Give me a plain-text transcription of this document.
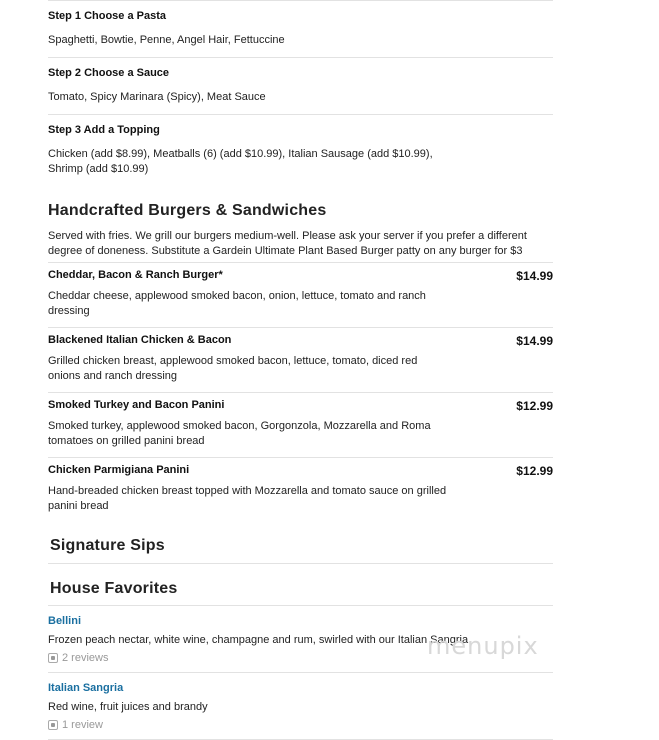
Step 1 Choose a Pasta
Spaghetti, Bowtie, Penne, Angel Hair, Fettuccine
Step 2 Choose a Sauce
Tomato, Spicy Marinara (Spicy), Meat Sauce
Step 3 Add a Topping
Chicken (add $8.99), Meatballs (6) (add $10.99), Italian Sausage (add $10.99), Shrimp (add $10.99)
Handcrafted Burgers & Sandwiches
Served with fries. We grill our burgers medium-well. Please ask your server if you prefer a different degree of doneness. Substitute a Gardein Ultimate Plant Based Burger patty on any burger for $3
Cheddar, Bacon & Ranch Burger*	$14.99
Cheddar cheese, applewood smoked bacon, onion, lettuce, tomato and ranch dressing
Blackened Italian Chicken & Bacon	$14.99
Grilled chicken breast, applewood smoked bacon, lettuce, tomato, diced red onions and ranch dressing
Smoked Turkey and Bacon Panini	$12.99
Smoked turkey, applewood smoked bacon, Gorgonzola, Mozzarella and Roma tomatoes on grilled panini bread
Chicken Parmigiana Panini	$12.99
Hand-breaded chicken breast topped with Mozzarella and tomato sauce on grilled panini bread
Signature Sips
House Favorites
Bellini
Frozen peach nectar, white wine, champagne and rum, swirled with our Italian Sangria
2 reviews
Italian Sangria
Red wine, fruit juices and brandy
1 review
menupix
